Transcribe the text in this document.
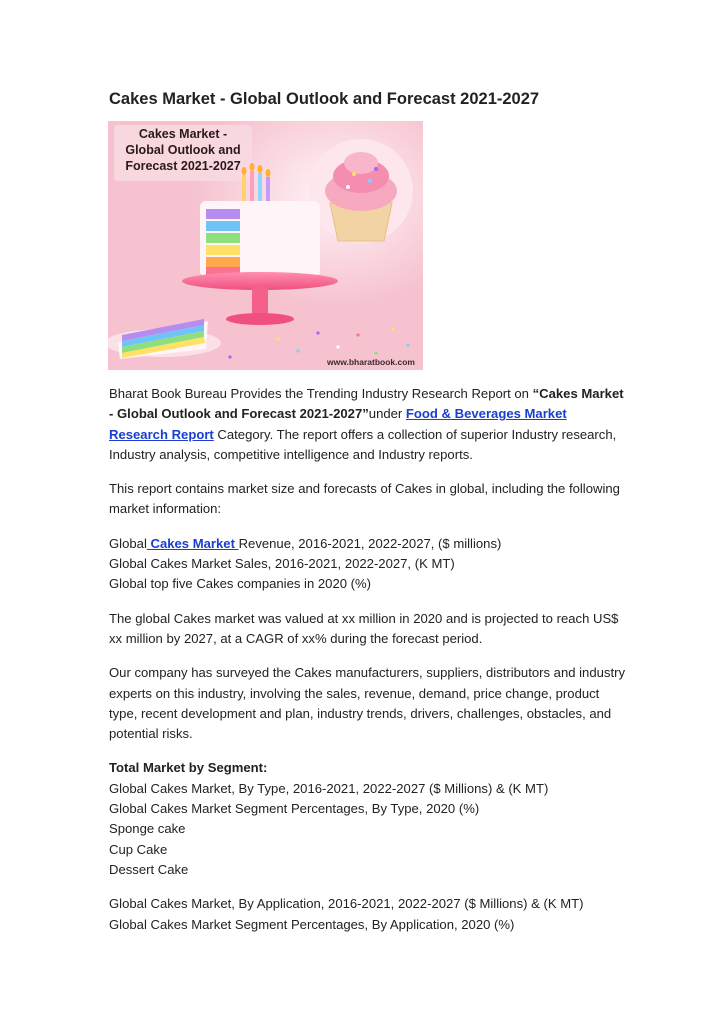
Cakes Market - Global Outlook and Forecast 2021-2027
Cakes Market -
Global Outlook and
Forecast 2021-2027
www.bharatbook.com

Bharat Book Bureau Provides the Trending Industry Research Report on “Cakes Market - Global Outlook and Forecast 2021-2027”under Food & Beverages Market Research Report Category. The report offers a collection of superior Industry research, Industry analysis, competitive intelligence and Industry reports.

This report contains market size and forecasts of Cakes in global, including the following market information:

Global Cakes Market Revenue, 2016-2021, 2022-2027, ($ millions)
Global Cakes Market Sales, 2016-2021, 2022-2027, (K MT)
Global top five Cakes companies in 2020 (%)

The global Cakes market was valued at xx million in 2020 and is projected to reach US$ xx million by 2027, at a CAGR of xx% during the forecast period.

Our company has surveyed the Cakes manufacturers, suppliers, distributors and industry experts on this industry, involving the sales, revenue, demand, price change, product type, recent development and plan, industry trends, drivers, challenges, obstacles, and potential risks.

Total Market by Segment:
Global Cakes Market, By Type, 2016-2021, 2022-2027 ($ Millions) & (K MT)
Global Cakes Market Segment Percentages, By Type, 2020 (%)
Sponge cake
Cup Cake
Dessert Cake

Global Cakes Market, By Application, 2016-2021, 2022-2027 ($ Millions) & (K MT)
Global Cakes Market Segment Percentages, By Application, 2020 (%)
